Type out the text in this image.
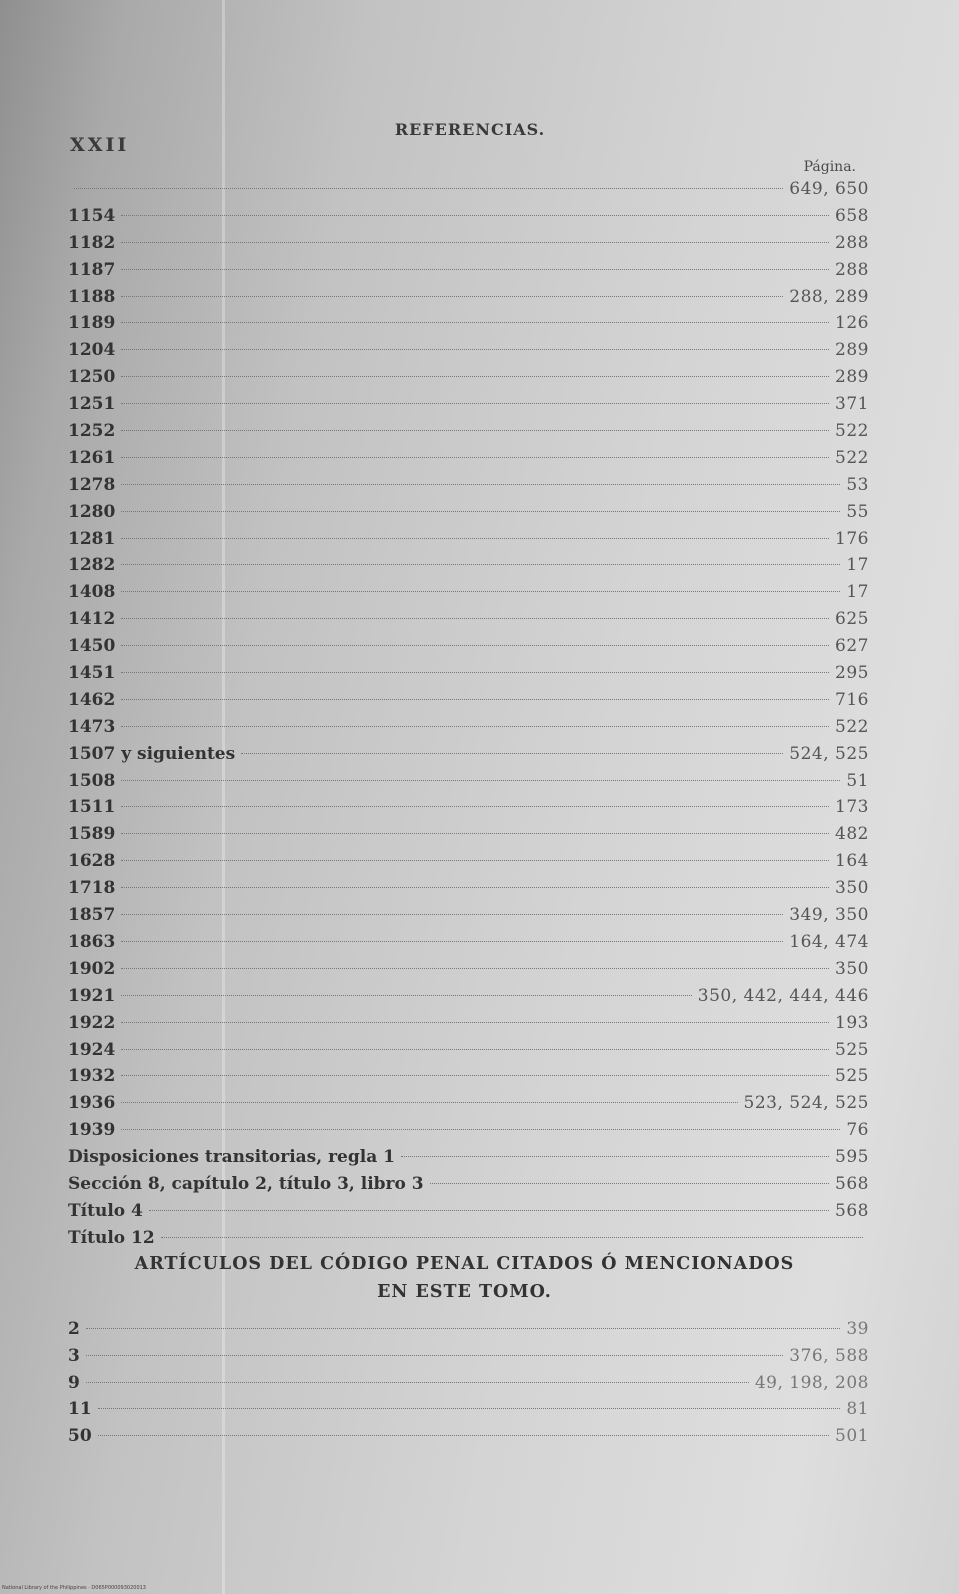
XXII
REFERENCIAS.
Página.
649, 650
1154	658
1182	288
1187	288
1188	288, 289
1189	126
1204	289
1250	289
1251	371
1252	522
1261	522
1278	53
1280	55
1281	176
1282	17
1408	17
1412	625
1450	627
1451	295
1462	716
1473	522
1507 y siguientes	524, 525
1508	51
1511	173
1589	482
1628	164
1718	350
1857	349, 350
1863	164, 474
1902	350
1921	350, 442, 444, 446
1922	193
1924	525
1932	525
1936	523, 524, 525
1939	76
Disposiciones transitorias, regla 1	595
Sección 8, capítulo 2, título 3, libro 3	568
Título 4	568
Título 12
ARTÍCULOS DEL CÓDIGO PENAL CITADOS Ó MENCIONADOS
EN ESTE TOMO.
2	39
3	376, 588
9	49, 198, 208
11	81
50	501
National Library of the Philippines · D065P000093020013
